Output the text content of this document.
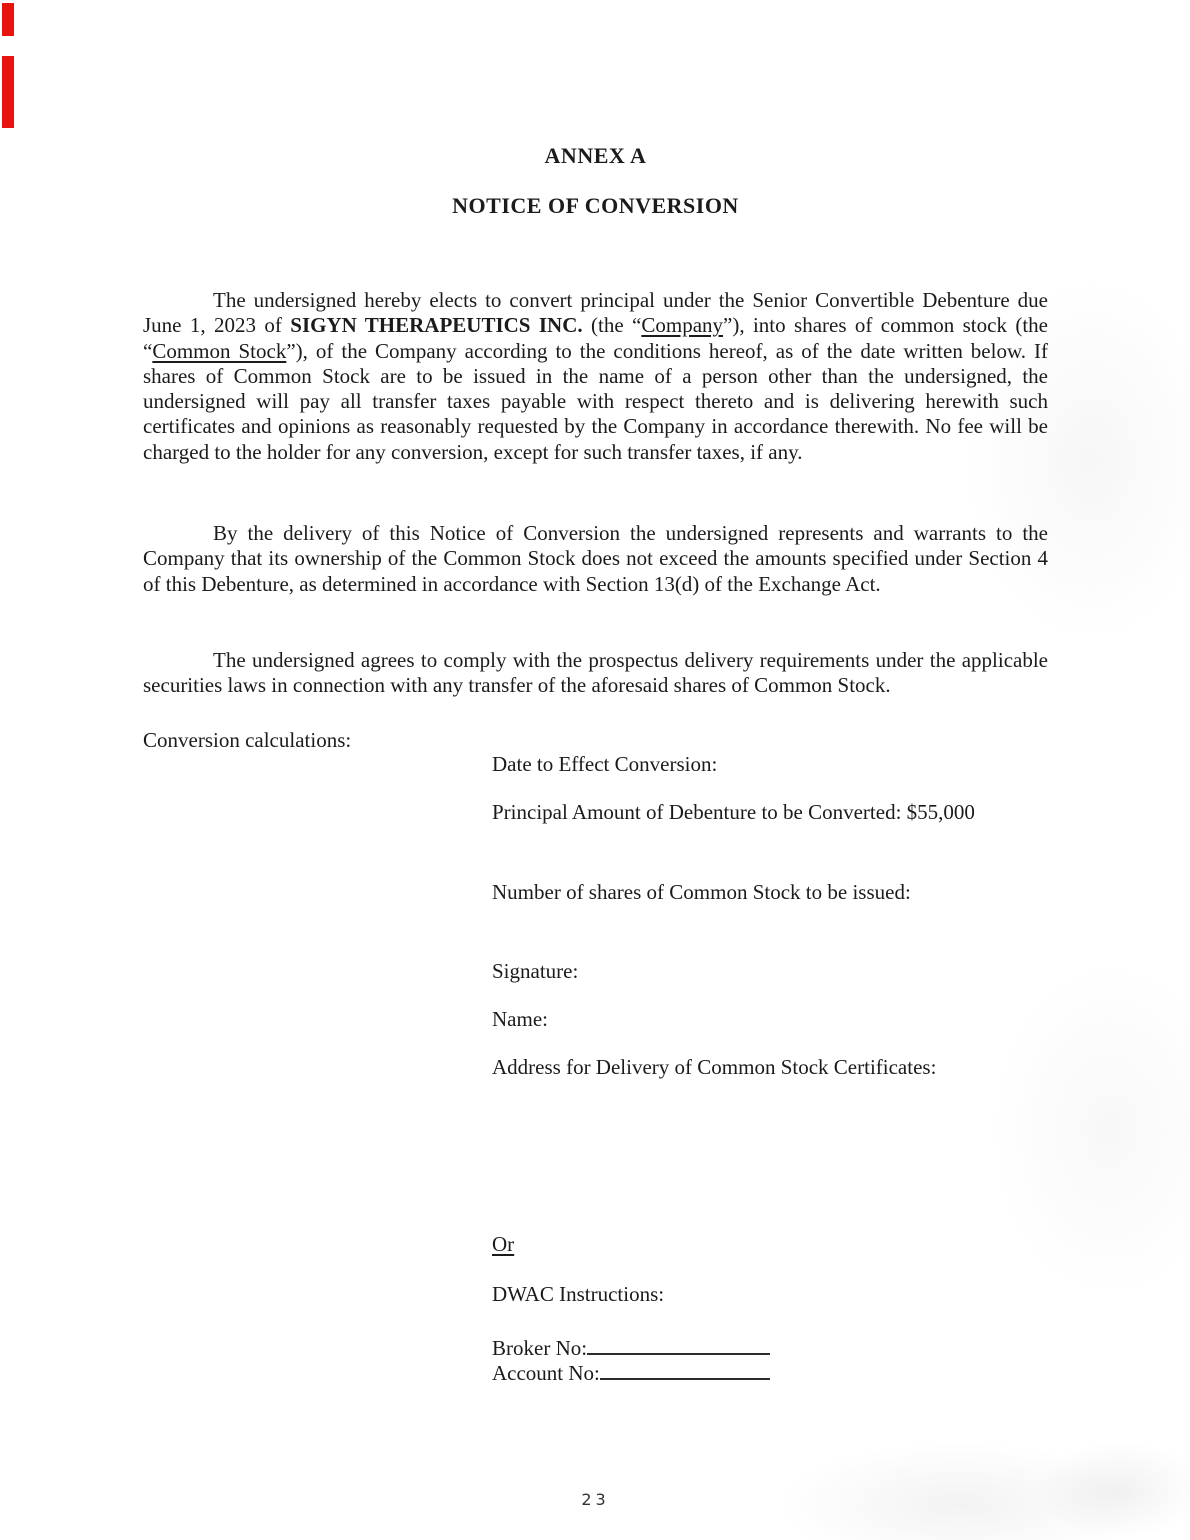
ANNEX A
NOTICE OF CONVERSION

The undersigned hereby elects to convert principal under the Senior Convertible Debenture due June 1, 2023 of SIGYN THERAPEUTICS INC. (the “Company”), into shares of common stock (the “Common Stock”), of the Company according to the conditions hereof, as of the date written below. If shares of Common Stock are to be issued in the name of a person other than the undersigned, the undersigned will pay all transfer taxes payable with respect thereto and is delivering herewith such certificates and opinions as reasonably requested by the Company in accordance therewith. No fee will be charged to the holder for any conversion, except for such transfer taxes, if any.

By the delivery of this Notice of Conversion the undersigned represents and warrants to the Company that its ownership of the Common Stock does not exceed the amounts specified under Section 4 of this Debenture, as determined in accordance with Section 13(d) of the Exchange Act.

The undersigned agrees to comply with the prospectus delivery requirements under the applicable securities laws in connection with any transfer of the aforesaid shares of Common Stock.

Conversion calculations:
Date to Effect Conversion:
Principal Amount of Debenture to be Converted: $55,000
Number of shares of Common Stock to be issued:
Signature:
Name:
Address for Delivery of Common Stock Certificates:
Or
DWAC Instructions:
Broker No:
Account No:
23
